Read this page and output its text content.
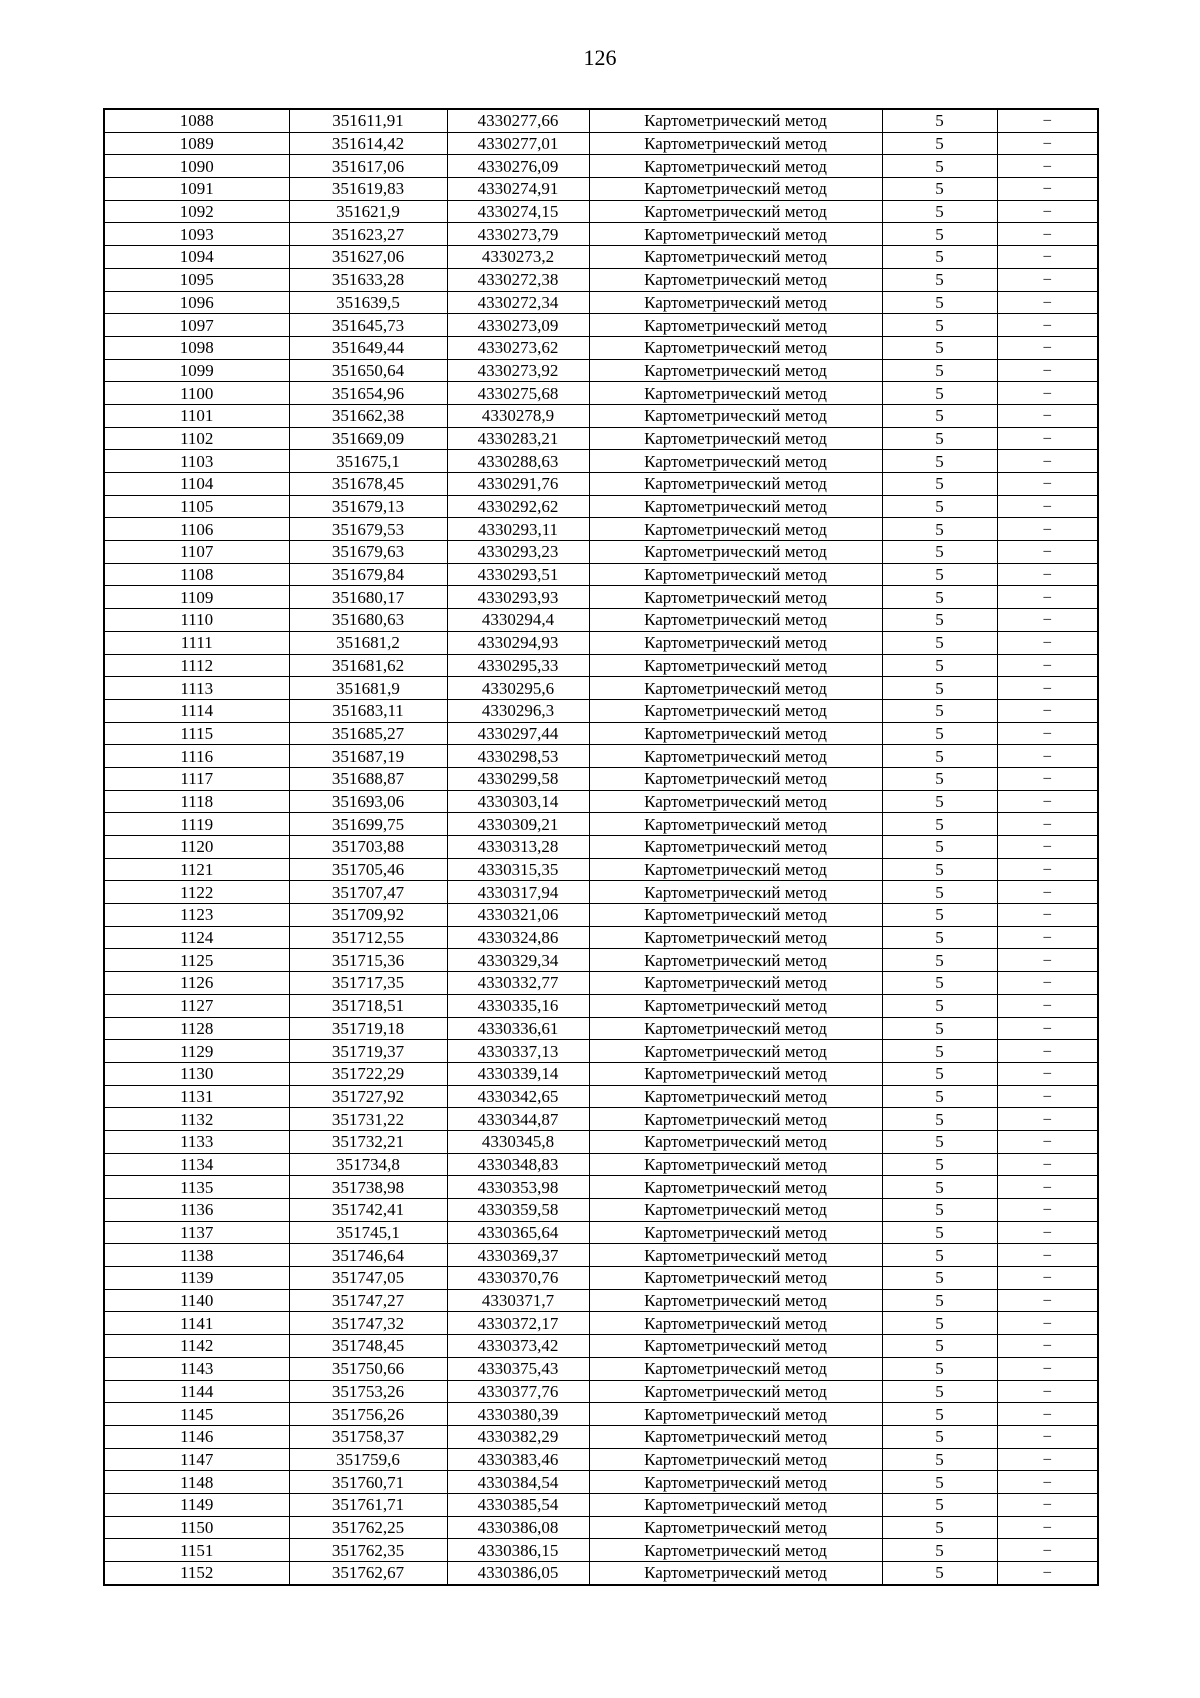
126
1088	351611,91	4330277,66	Картометрический метод	5	–
1089	351614,42	4330277,01	Картометрический метод	5	–
1090	351617,06	4330276,09	Картометрический метод	5	–
1091	351619,83	4330274,91	Картометрический метод	5	–
1092	351621,9	4330274,15	Картометрический метод	5	–
1093	351623,27	4330273,79	Картометрический метод	5	–
1094	351627,06	4330273,2	Картометрический метод	5	–
1095	351633,28	4330272,38	Картометрический метод	5	–
1096	351639,5	4330272,34	Картометрический метод	5	–
1097	351645,73	4330273,09	Картометрический метод	5	–
1098	351649,44	4330273,62	Картометрический метод	5	–
1099	351650,64	4330273,92	Картометрический метод	5	–
1100	351654,96	4330275,68	Картометрический метод	5	–
1101	351662,38	4330278,9	Картометрический метод	5	–
1102	351669,09	4330283,21	Картометрический метод	5	–
1103	351675,1	4330288,63	Картометрический метод	5	–
1104	351678,45	4330291,76	Картометрический метод	5	–
1105	351679,13	4330292,62	Картометрический метод	5	–
1106	351679,53	4330293,11	Картометрический метод	5	–
1107	351679,63	4330293,23	Картометрический метод	5	–
1108	351679,84	4330293,51	Картометрический метод	5	–
1109	351680,17	4330293,93	Картометрический метод	5	–
1110	351680,63	4330294,4	Картометрический метод	5	–
1111	351681,2	4330294,93	Картометрический метод	5	–
1112	351681,62	4330295,33	Картометрический метод	5	–
1113	351681,9	4330295,6	Картометрический метод	5	–
1114	351683,11	4330296,3	Картометрический метод	5	–
1115	351685,27	4330297,44	Картометрический метод	5	–
1116	351687,19	4330298,53	Картометрический метод	5	–
1117	351688,87	4330299,58	Картометрический метод	5	–
1118	351693,06	4330303,14	Картометрический метод	5	–
1119	351699,75	4330309,21	Картометрический метод	5	–
1120	351703,88	4330313,28	Картометрический метод	5	–
1121	351705,46	4330315,35	Картометрический метод	5	–
1122	351707,47	4330317,94	Картометрический метод	5	–
1123	351709,92	4330321,06	Картометрический метод	5	–
1124	351712,55	4330324,86	Картометрический метод	5	–
1125	351715,36	4330329,34	Картометрический метод	5	–
1126	351717,35	4330332,77	Картометрический метод	5	–
1127	351718,51	4330335,16	Картометрический метод	5	–
1128	351719,18	4330336,61	Картометрический метод	5	–
1129	351719,37	4330337,13	Картометрический метод	5	–
1130	351722,29	4330339,14	Картометрический метод	5	–
1131	351727,92	4330342,65	Картометрический метод	5	–
1132	351731,22	4330344,87	Картометрический метод	5	–
1133	351732,21	4330345,8	Картометрический метод	5	–
1134	351734,8	4330348,83	Картометрический метод	5	–
1135	351738,98	4330353,98	Картометрический метод	5	–
1136	351742,41	4330359,58	Картометрический метод	5	–
1137	351745,1	4330365,64	Картометрический метод	5	–
1138	351746,64	4330369,37	Картометрический метод	5	–
1139	351747,05	4330370,76	Картометрический метод	5	–
1140	351747,27	4330371,7	Картометрический метод	5	–
1141	351747,32	4330372,17	Картометрический метод	5	–
1142	351748,45	4330373,42	Картометрический метод	5	–
1143	351750,66	4330375,43	Картометрический метод	5	–
1144	351753,26	4330377,76	Картометрический метод	5	–
1145	351756,26	4330380,39	Картометрический метод	5	–
1146	351758,37	4330382,29	Картометрический метод	5	–
1147	351759,6	4330383,46	Картометрический метод	5	–
1148	351760,71	4330384,54	Картометрический метод	5	–
1149	351761,71	4330385,54	Картометрический метод	5	–
1150	351762,25	4330386,08	Картометрический метод	5	–
1151	351762,35	4330386,15	Картометрический метод	5	–
1152	351762,67	4330386,05	Картометрический метод	5	–
